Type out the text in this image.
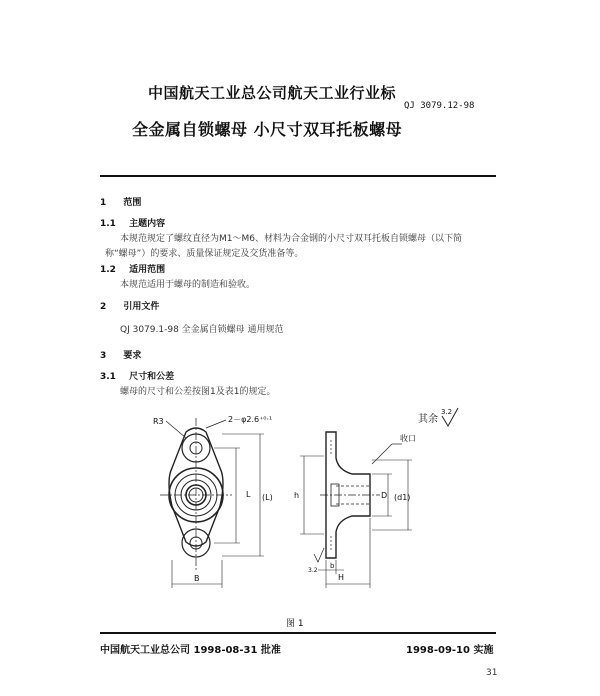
中国航天工业总公司航天工业行业标
QJ 3079.12-98
全金属自锁螺母 小尺寸双耳托板螺母
1 范围
1.1 主题内容
本规范规定了螺纹直径为M1～M6、材料为合金钢的小尺寸双耳托板自锁螺母（以下简
称“螺母”）的要求、质量保证规定及交货准备等。
1.2 适用范围
本规范适用于螺母的制造和验收。
2 引用文件
QJ 3079.1-98 全金属自锁螺母 通用规范
3 要求
3.1 尺寸和公差
螺母的尺寸和公差按图1及表1的规定。
其余
3.2
R3	2－φ2.6⁺⁰·¹
L (L)
B
收口
D (d1)
h
H
b
3.2
图 1
中国航天工业总公司 1998-08-31 批准	1998-09-10 实施
31
